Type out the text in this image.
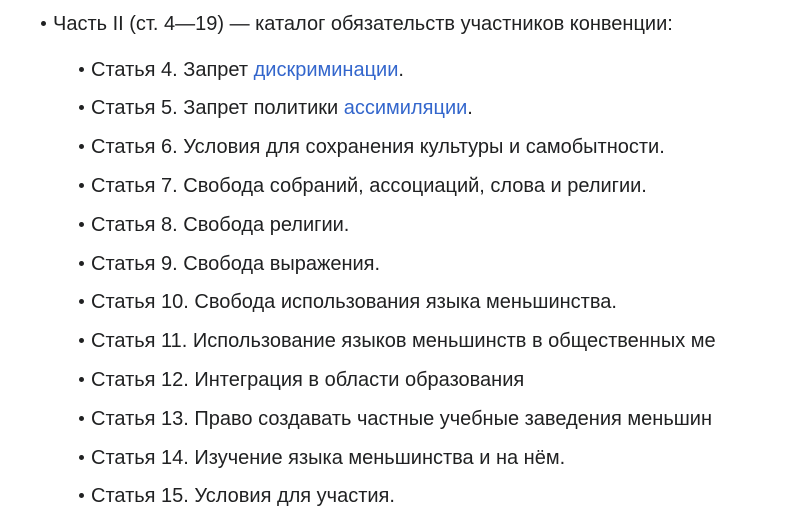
Часть II (ст. 4—19) — каталог обязательств участников конвенции:
Статья 4. Запрет дискриминации.
Статья 5. Запрет политики ассимиляции.
Статья 6. Условия для сохранения культуры и самобытности.
Статья 7. Свобода собраний, ассоциаций, слова и религии.
Статья 8. Свобода религии.
Статья 9. Свобода выражения.
Статья 10. Свобода использования языка меньшинства.
Статья 11. Использование языков меньшинств в общественных ме
Статья 12. Интеграция в области образования
Статья 13. Право создавать частные учебные заведения меньшин
Статья 14. Изучение языка меньшинства и на нём.
Статья 15. Условия для участия.
